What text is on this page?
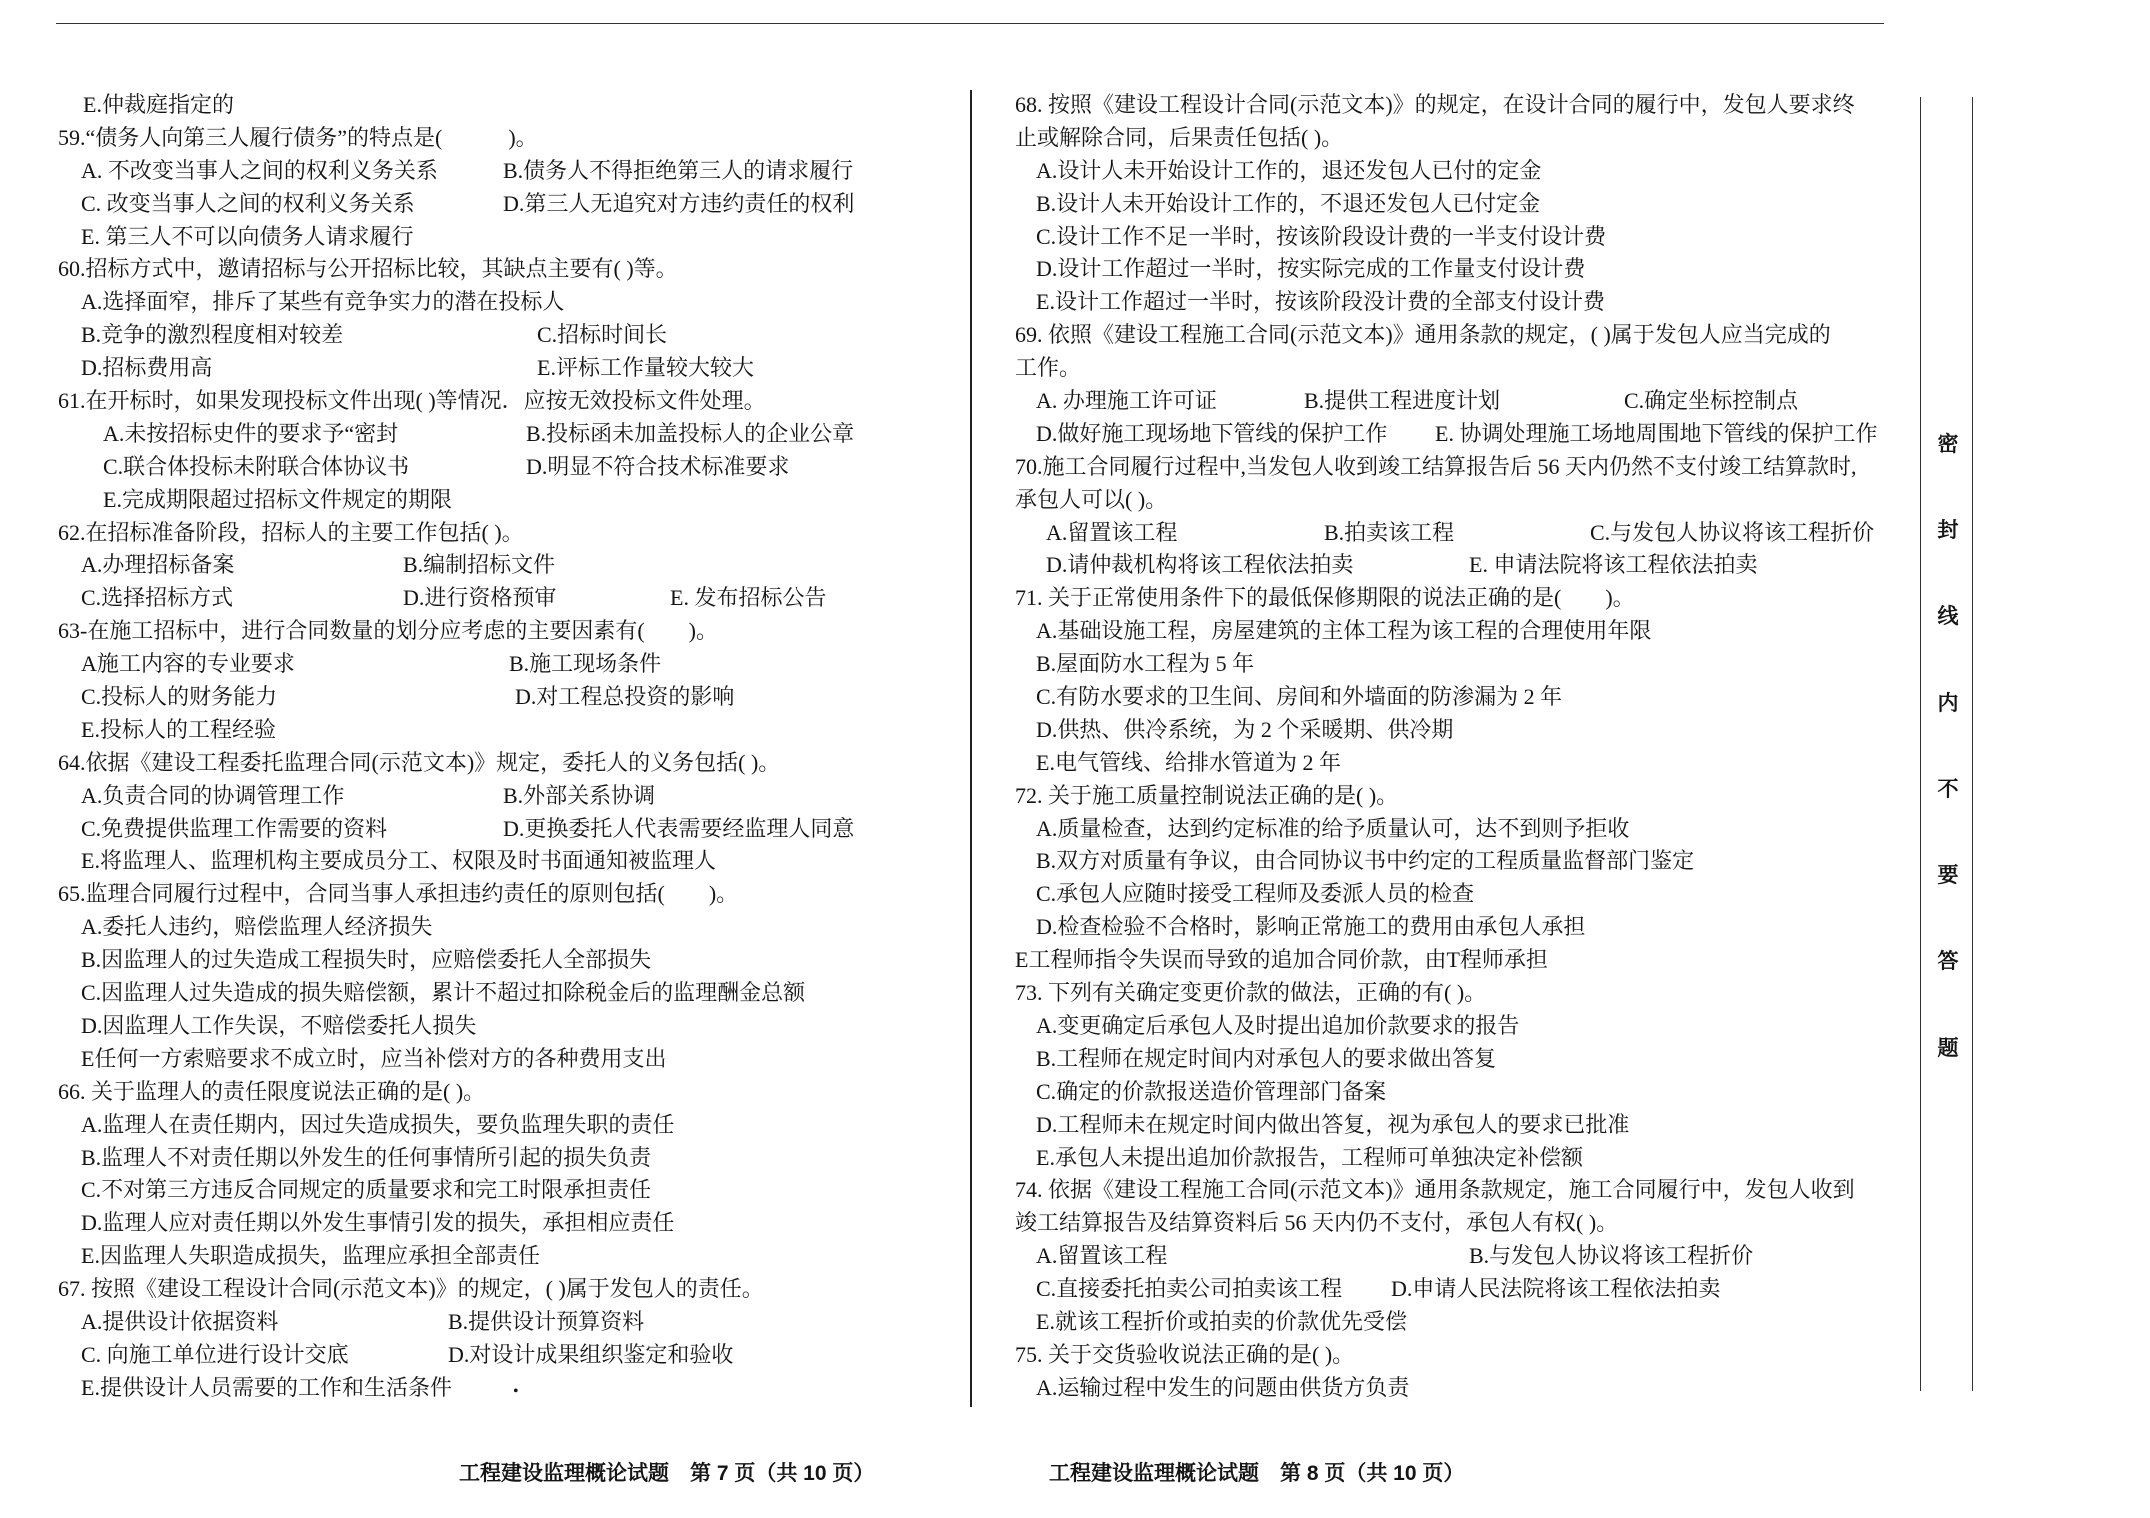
密
封
线
内
不
要
答
题
E.仲裁庭指定的
59.“债务人向第三人履行债务”的特点是(　　　)。
A. 不改变当事人之间的权利义务关系	B.债务人不得拒绝第三人的请求履行
C. 改变当事人之间的权利义务关系	D.第三人无追究对方违约责任的权利
E. 第三人不可以向债务人请求履行
60.招标方式中，邀请招标与公开招标比较，其缺点主要有( )等。
A.选择面窄，排斥了某些有竞争实力的潜在投标人
B.竞争的激烈程度相对较差	C.招标时间长
D.招标费用高	E.评标工作量较大较大
61.在开标时，如果发现投标文件出现( )等情况．应按无效投标文件处理。
A.未按招标史件的要求予“密封	B.投标函未加盖投标人的企业公章
C.联合体投标未附联合体协议书	D.明显不符合技术标准要求
E.完成期限超过招标文件规定的期限
62.在招标准备阶段，招标人的主要工作包括( )。
A.办理招标备案	B.编制招标文件
C.选择招标方式	D.进行资格预审	E. 发布招标公告
63-在施工招标中，进行合同数量的划分应考虑的主要因素有(　　)。
A施工内容的专业要求	B.施工现场条件
C.投标人的财务能力	D.对工程总投资的影响
E.投标人的工程经验
64.依据《建设工程委托监理合同(示范文本)》规定，委托人的义务包括( )。
A.负责合同的协调管理工作	B.外部关系协调
C.免费提供监理工作需要的资料	D.更换委托人代表需要经监理人同意
E.将监理人、监理机构主要成员分工、权限及时书面通知被监理人
65.监理合同履行过程中，合同当事人承担违约责任的原则包括(　　)。
A.委托人违约，赔偿监理人经济损失
B.因监理人的过失造成工程损失时，应赔偿委托人全部损失
C.因监理人过失造成的损失赔偿额，累计不超过扣除税金后的监理酬金总额
D.因监理人工作失误，不赔偿委托人损失
E任何一方索赔要求不成立时，应当补偿对方的各种费用支出
66. 关于监理人的责任限度说法正确的是( )。
A.监理人在责任期内，因过失造成损失，要负监理失职的责任
B.监理人不对责任期以外发生的任何事情所引起的损失负责
C.不对第三方违反合同规定的质量要求和完工时限承担责任
D.监理人应对责任期以外发生事情引发的损失，承担相应责任
E.因监理人失职造成损失，监理应承担全部责任
67. 按照《建设工程设计合同(示范文本)》的规定，( )属于发包人的责任。
A.提供设计依据资料	B.提供设计预算资料
C. 向施工单位进行设计交底	D.对设计成果组织鉴定和验收
E.提供设计人员需要的工作和生活条件	•
68. 按照《建设工程设计合同(示范文本)》的规定，在设计合同的履行中，发包人要求终
止或解除合同，后果责任包括( )。
A.设计人未开始设计工作的，退还发包人已付的定金
B.设计人未开始设计工作的，不退还发包人已付定金
C.设计工作不足一半时，按该阶段设计费的一半支付设计费
D.设计工作超过一半时，按实际完成的工作量支付设计费
E.设计工作超过一半时，按该阶段没计费的全部支付设计费
69. 依照《建设工程施工合同(示范文本)》通用条款的规定，( )属于发包人应当完成的
工作。
A. 办理施工许可证	B.提供工程进度计划	C.确定坐标控制点
D.做好施工现场地下管线的保护工作 E. 协调处理施工场地周围地下管线的保护工作
70.施工合同履行过程中,当发包人收到竣工结算报告后 56 天内仍然不支付竣工结算款时,
承包人可以( )。
A.留置该工程	B.拍卖该工程	C.与发包人协议将该工程折价
D.请仲裁机构将该工程依法拍卖	E. 申请法院将该工程依法拍卖
71. 关于正常使用条件下的最低保修期限的说法正确的是(　　)。
A.基础设施工程，房屋建筑的主体工程为该工程的合理使用年限
B.屋面防水工程为 5 年
C.有防水要求的卫生间、房间和外墙面的防渗漏为 2 年
D.供热、供冷系统，为 2 个采暖期、供冷期
E.电气管线、给排水管道为 2 年
72. 关于施工质量控制说法正确的是( )。
A.质量检查，达到约定标准的给予质量认可，达不到则予拒收
B.双方对质量有争议，由合同协议书中约定的工程质量监督部门鉴定
C.承包人应随时接受工程师及委派人员的检查
D.检查检验不合格时，影响正常施工的费用由承包人承担
E工程师指令失误而导致的追加合同价款，由T程师承担
73. 下列有关确定变更价款的做法，正确的有( )。
A.变更确定后承包人及时提出追加价款要求的报告
B.工程师在规定时间内对承包人的要求做出答复
C.确定的价款报送造价管理部门备案
D.工程师未在规定时间内做出答复，视为承包人的要求已批准
E.承包人未提出追加价款报告，工程师可单独决定补偿额
74. 依据《建设工程施工合同(示范文本)》通用条款规定，施工合同履行中，发包人收到
竣工结算报告及结算资料后 56 天内仍不支付，承包人有权( )。
A.留置该工程	B.与发包人协议将该工程折价
C.直接委托拍卖公司拍卖该工程 D.申请人民法院将该工程依法拍卖
E.就该工程折价或拍卖的价款优先受偿
75. 关于交货验收说法正确的是( )。
A.运输过程中发生的问题由供货方负责
工程建设监理概论试题　第 7 页（共 10 页）	工程建设监理概论试题　第 8 页（共 10 页）
